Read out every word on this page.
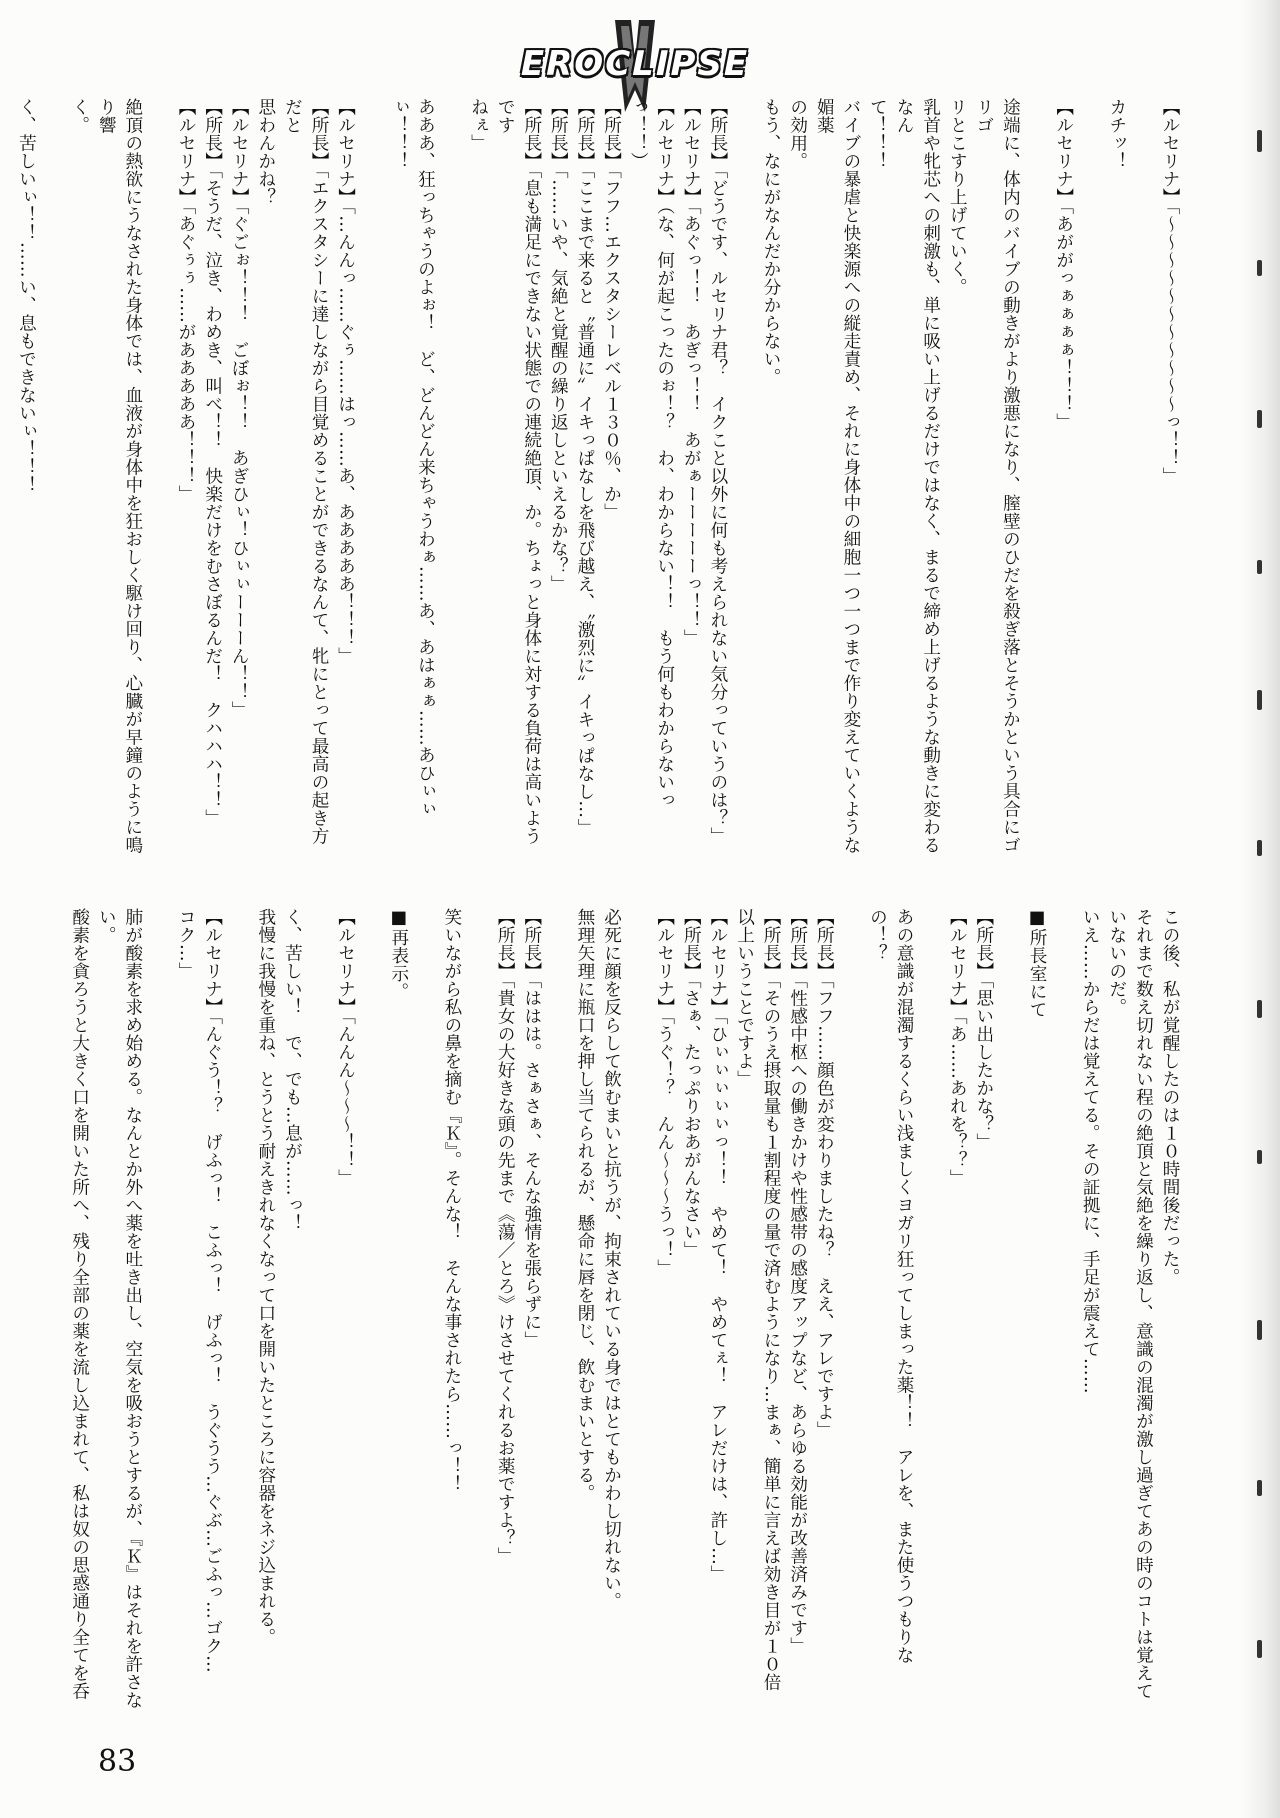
EROCLIPSE

【ルセリナ】「〜〜〜〜〜〜〜〜〜〜〜っ！！」

カチッ！

【ルセリナ】「あががっぁぁぁぁ！！！」

途端に、体内のバイブの動きがより激悪になり、膣壁のひだを殺ぎ落とそうかという具合にゴリゴ

リとこすり上げていく。

乳首や牝芯への刺激も、単に吸い上げるだけではなく、まるで締め上げるような動きに変わるなん

て！！！

バイブの暴虐と快楽源への縦走責め、それに身体中の細胞一つ一つまで作り変えていくような媚薬

の効用。

もう、なにがなんだか分からない。

【所長】「どうです、ルセリナ君？　イクこと以外に何も考えられない気分っていうのは？」

【ルセリナ】「あぐっ！！　あぎっ！！　あがぁーーーーーっ！！」

【ルセリナ】（な、何が起こったのぉ！？　わ、わからない！！　もう何もわからないっっ！！）

【所長】「フフ…エクスタシーレベル１３０％、か」

【所長】「ここまで来ると〝普通に〟イキっぱなしを飛び越え、〝激烈に〟イキっぱなし…」

【所長】「……いや、気絶と覚醒の繰り返しといえるかな？」

【所長】「息も満足にできない状態での連続絶頂、か。ちょっと身体に対する負荷は高いようです

ねぇ」

あああ、狂っちゃうのよぉ！　ど、どんどん来ちゃうわぁ……あ、あはぁぁ……あひぃぃ

ぃ！！！

【ルセリナ】「…んんっ……ぐぅ……はっ……あ、あああああ！！！」

【所長】「エクスタシーに達しながら目覚めることができるなんて、牝にとって最高の起き方だと

思わんかね？

【ルセリナ】「ぐごぉ！！！　ごぼぉ！！　あぎひぃ！ひぃぃーーーん！！」

【所長】「そうだ、泣き、わめき、叫べ！！　快楽だけをむさぼるんだ！　クハハハ！！」

【ルセリナ】「あぐぅぅ……があああああ！！！」

絶頂の熱欲にうなされた身体では、血液が身体中を狂おしく駆け回り、心臓が早鐘のように鳴り響

く。

く、苦しいぃ！！……い、息もできないぃ！！！

この後、私が覚醒したのは１０時間後だった。

それまで数え切れない程の絶頂と気絶を繰り返し、意識の混濁が激し過ぎてあの時のコトは覚えて

いないのだ。

いえ……からだは覚えてる。その証拠に、手足が震えて……

■所長室にて

【所長】「思い出したかな？」

【ルセリナ】「あ……あれを？？」

あの意識が混濁するくらい浅ましくヨガリ狂ってしまった薬！！　アレを、また使うつもりな

の！？

【所長】「フフ……顔色が変わりましたね？　ええ、アレですよ」

【所長】「性感中枢への働きかけや性感帯の感度アップなど、あらゆる効能が改善済みです」

【所長】「そのうえ摂取量も１割程度の量で済むようになり…まぁ、簡単に言えば効き目が１０倍

以上いうことですよ」

【ルセリナ】「ひぃぃぃぃぃっ！！　やめて！　やめてぇ！　アレだけは、許し…」

【所長】「さぁ、たっぷりおあがんなさい」

【ルセリナ】「うぐ！？　んん〜〜〜うっ！」

必死に顔を反らして飲むまいと抗うが、拘束されている身ではとてもかわし切れない。

無理矢理に瓶口を押し当てられるが、懸命に唇を閉じ、飲むまいとする。

【所長】「ははは。さぁさぁ、そんな強情を張らずに」

【所長】「貴女の大好きな頭の先まで《蕩／とろ》けさせてくれるお薬ですよ？」

笑いながら私の鼻を摘む『Ｋ』。そんな！　そんな事されたら……っ！！

■再表示。

【ルセリナ】「んんん〜〜〜！！」

く、苦しい！　で、でも…息が……っ！

我慢に我慢を重ね、とうとう耐えきれなくなって口を開いたところに容器をネジ込まれる。

【ルセリナ】「んぐう！？　げふっ！　こふっ！　げふっ！　うぐうう…ぐぶ…ごふっ…ゴク…

コク…」

肺が酸素を求め始める。なんとか外へ薬を吐き出し、空気を吸おうとするが、『Ｋ』はそれを許さな

い。

酸素を貪ろうと大きく口を開いた所へ、残り全部の薬を流し込まれて、私は奴の思惑通り全てを呑

83
